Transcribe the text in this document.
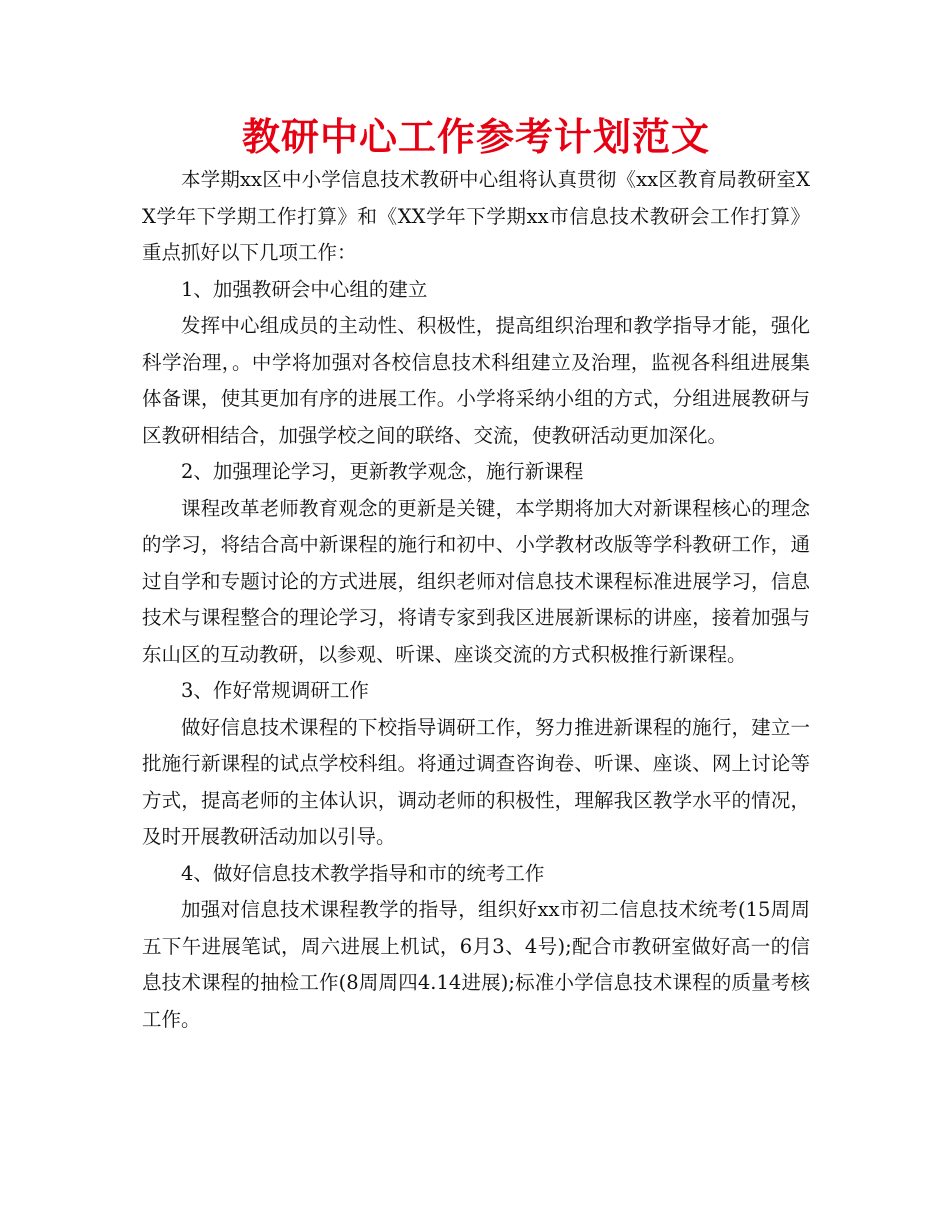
教研中心工作参考计划范文

本学期xx区中小学信息技术教研中心组将认真贯彻《xx区教育局教研室XX学年下学期工作打算》和《XX学年下学期xx市信息技术教研会工作打算》重点抓好以下几项工作：

1、加强教研会中心组的建立

发挥中心组成员的主动性、积极性，提高组织治理和教学指导才能，强化科学治理，。中学将加强对各校信息技术科组建立及治理，监视各科组进展集体备课，使其更加有序的进展工作。小学将采纳小组的方式，分组进展教研与区教研相结合，加强学校之间的联络、交流，使教研活动更加深化。

2、加强理论学习，更新教学观念，施行新课程

课程改革老师教育观念的更新是关键，本学期将加大对新课程核心的理念的学习，将结合高中新课程的施行和初中、小学教材改版等学科教研工作，通过自学和专题讨论的方式进展，组织老师对信息技术课程标准进展学习，信息技术与课程整合的理论学习，将请专家到我区进展新课标的讲座，接着加强与东山区的互动教研，以参观、听课、座谈交流的方式积极推行新课程。

3、作好常规调研工作

做好信息技术课程的下校指导调研工作，努力推进新课程的施行，建立一批施行新课程的试点学校科组。将通过调查咨询卷、听课、座谈、网上讨论等方式，提高老师的主体认识，调动老师的积极性，理解我区教学水平的情况，及时开展教研活动加以引导。

4、做好信息技术教学指导和市的统考工作

加强对信息技术课程教学的指导，组织好xx市初二信息技术统考(15周周五下午进展笔试，周六进展上机试，6月3、4号);配合市教研室做好高一的信息技术课程的抽检工作(8周周四4.14进展);标准小学信息技术课程的质量考核工作。
